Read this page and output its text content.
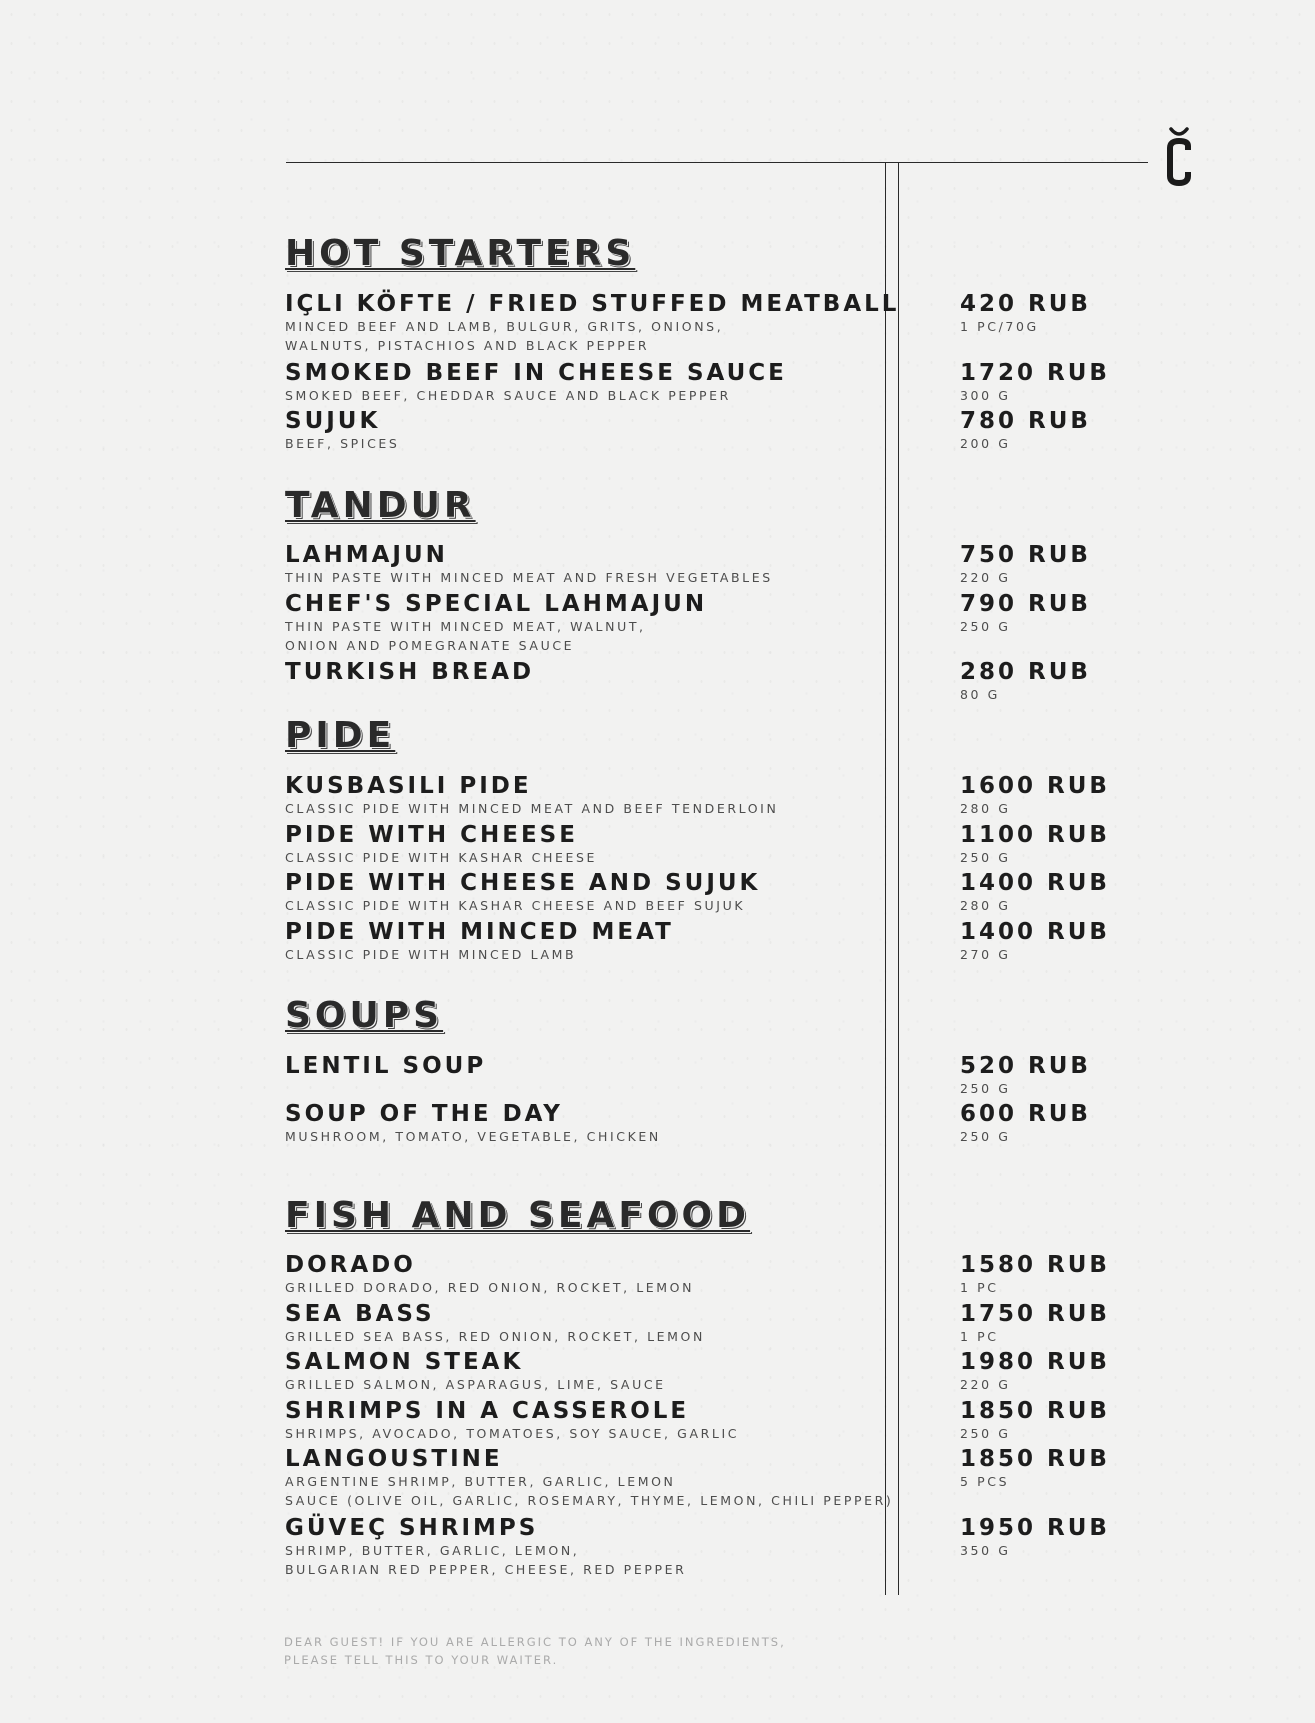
HOT STARTERS
IÇLI KÖFTE / FRIED STUFFED MEATBALL
MINCED BEEF AND LAMB, BULGUR, GRITS, ONIONS,
WALNUTS, PISTACHIOS AND BLACK PEPPER
420 RUB
1 PC/70G
SMOKED BEEF IN CHEESE SAUCE
SMOKED BEEF, CHEDDAR SAUCE AND BLACK PEPPER
1720 RUB
300 G
SUJUK
BEEF, SPICES
780 RUB
200 G
TANDUR
LAHMAJUN
THIN PASTE WITH MINCED MEAT AND FRESH VEGETABLES
750 RUB
220 G
CHEF'S SPECIAL LAHMAJUN
THIN PASTE WITH MINCED MEAT, WALNUT,
ONION AND POMEGRANATE SAUCE
790 RUB
250 G
TURKISH BREAD	280 RUB
80 G
PIDE
KUSBASILI PIDE
CLASSIC PIDE WITH MINCED MEAT AND BEEF TENDERLOIN
1600 RUB
280 G
PIDE WITH CHEESE
CLASSIC PIDE WITH KASHAR CHEESE
1100 RUB
250 G
PIDE WITH CHEESE AND SUJUK
CLASSIC PIDE WITH KASHAR CHEESE AND BEEF SUJUK
1400 RUB
280 G
PIDE WITH MINCED MEAT
CLASSIC PIDE WITH MINCED LAMB
1400 RUB
270 G
SOUPS
LENTIL SOUP	520 RUB
250 G
SOUP OF THE DAY
MUSHROOM, TOMATO, VEGETABLE, CHICKEN
600 RUB
250 G
FISH AND SEAFOOD
DORADO
GRILLED DORADO, RED ONION, ROCKET, LEMON
1580 RUB
1 PC
SEA BASS
GRILLED SEA BASS, RED ONION, ROCKET, LEMON
1750 RUB
1 PC
SALMON STEAK
GRILLED SALMON, ASPARAGUS, LIME, SAUCE
1980 RUB
220 G
SHRIMPS IN A CASSEROLE
SHRIMPS, AVOCADO, TOMATOES, SOY SAUCE, GARLIC
1850 RUB
250 G
LANGOUSTINE
ARGENTINE SHRIMP, BUTTER, GARLIC, LEMON
SAUCE (OLIVE OIL, GARLIC, ROSEMARY, THYME, LEMON, CHILI PEPPER)
1850 RUB
5 PCS
GÜVEÇ SHRIMPS
SHRIMP, BUTTER, GARLIC, LEMON,
BULGARIAN RED PEPPER, CHEESE, RED PEPPER
1950 RUB
350 G
DEAR GUEST! IF YOU ARE ALLERGIC TO ANY OF THE INGREDIENTS,
PLEASE TELL THIS TO YOUR WAITER.
